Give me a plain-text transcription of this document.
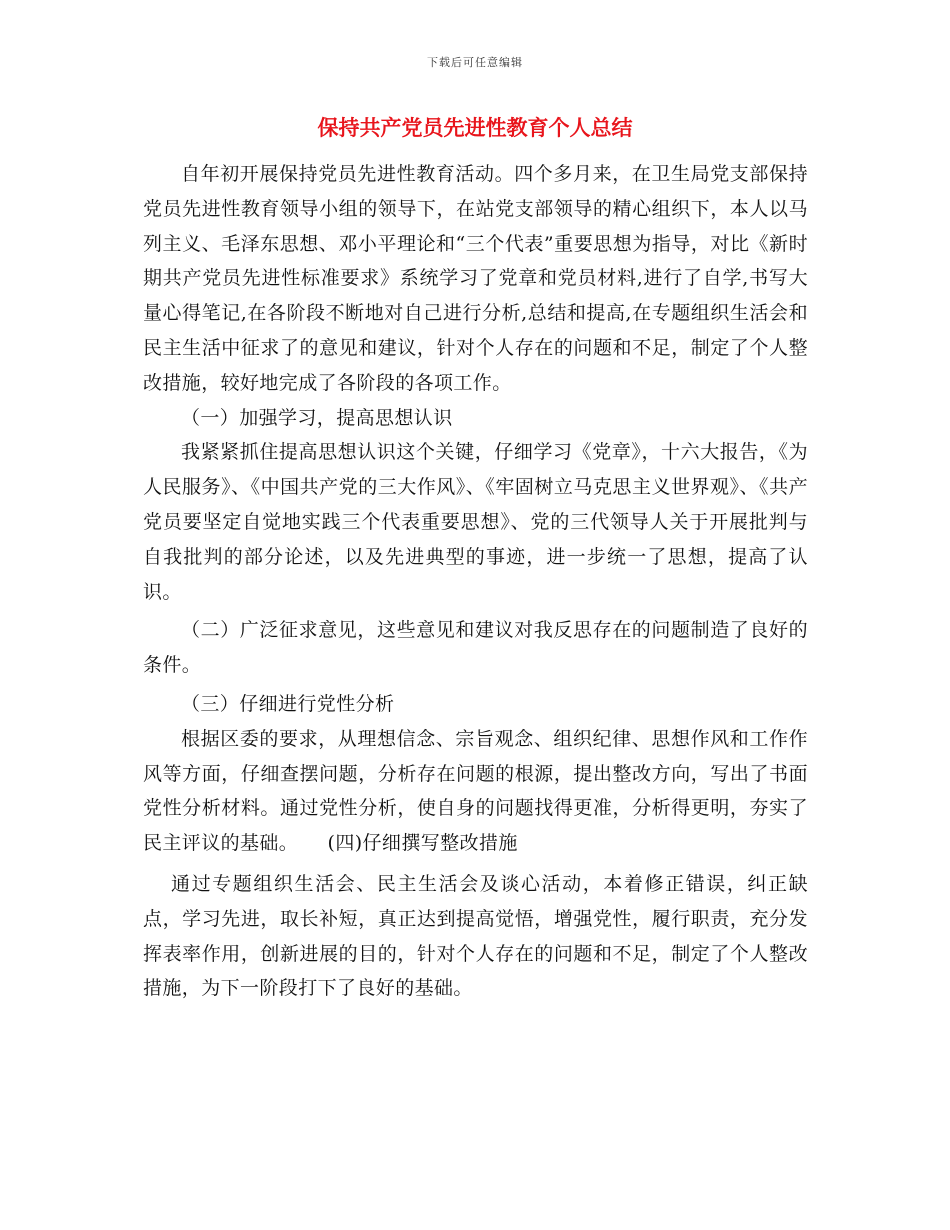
下载后可任意编辑
保持共产党员先进性教育个人总结

自年初开展保持党员先进性教育活动。四个多月来，在卫生局党支部保持党员先进性教育领导小组的领导下，在站党支部领导的精心组织下，本人以马列主义、毛泽东思想、邓小平理论和“三个代表”重要思想为指导，对比《新时期共产党员先进性标准要求》系统学习了党章和党员材料,进行了自学,书写大量心得笔记,在各阶段不断地对自己进行分析,总结和提高,在专题组织生活会和民主生活中征求了的意见和建议，针对个人存在的问题和不足，制定了个人整改措施，较好地完成了各阶段的各项工作。

（一）加强学习，提高思想认识

我紧紧抓住提高思想认识这个关键，仔细学习《党章》，十六大报告，《为人民服务》、《中国共产党的三大作风》、《牢固树立马克思主义世界观》、《共产党员要坚定自觉地实践三个代表重要思想》、党的三代领导人关于开展批判与自我批判的部分论述，以及先进典型的事迹，进一步统一了思想，提高了认识。

（二）广泛征求意见，这些意见和建议对我反思存在的问题制造了良好的条件。

（三）仔细进行党性分析

根据区委的要求，从理想信念、宗旨观念、组织纪律、思想作风和工作作风等方面，仔细查摆问题，分析存在问题的根源，提出整改方向，写出了书面党性分析材料。通过党性分析，使自身的问题找得更准，分析得更明，夯实了民主评议的基础。　　(四)仔细撰写整改措施

通过专题组织生活会、民主生活会及谈心活动，本着修正错误，纠正缺点，学习先进，取长补短，真正达到提高觉悟，增强党性，履行职责，充分发挥表率作用，创新进展的目的，针对个人存在的问题和不足，制定了个人整改措施，为下一阶段打下了良好的基础。
